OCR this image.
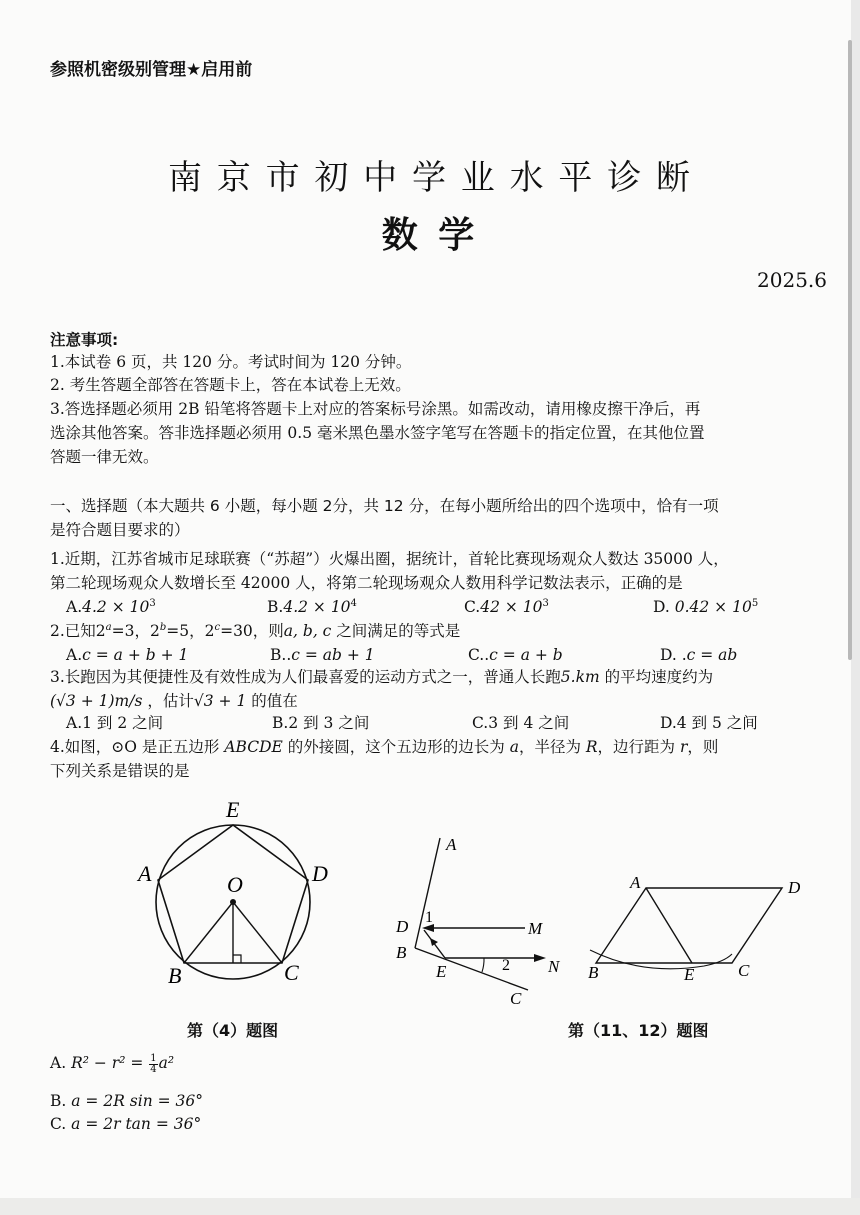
参照机密级别管理★启用前
南 京 市 初 中 学 业 水 平 诊 断
数 学
2025.6
注意事项:
1.本试卷 6 页，共 120 分。考试时间为 120 分钟。
2. 考生答题全部答在答题卡上，答在本试卷上无效。
3.答选择题必须用 2B 铅笔将答题卡上对应的答案标号涂黑。如需改动，请用橡皮擦干净后，再
选涂其他答案。答非选择题必须用 0.5 毫米黑色墨水签字笔写在答题卡的指定位置，在其他位置
答题一律无效。
一、选择题（本大题共 6 小题，每小题 2分，共 12 分，在每小题所给出的四个选项中，恰有一项
是符合题目要求的）
1.近期，江苏省城市足球联赛（“苏超”）火爆出圈，据统计，首轮比赛现场观众人数达 35000 人，
第二轮现场观众人数增长至 42000 人，将第二轮现场观众人数用科学记数法表示，正确的是
$A.4.2 \times 10^3$	$B.4.2 \times 10^4$	$C.42 \times 10^3$	D. $0.42 \times 10^5$
2.已知$2^a=3$，$2^b=5$，$2^c=30$，则a, b, c 之间满足的等式是
A.c = a + b + 1	B..c = ab + 1	C..c = a + b	D. .c = ab
3.长跑因为其便捷性及有效性成为人们最喜爱的运动方式之一，普通人长跑5.km 的平均速度约为
(√3 + 1)m/s ，估计√3 + 1 的值在
A.1 到 2 之间	B.2 到 3 之间	C.3 到 4 之间	D.4 到 5 之间
4.如图，⊙O 是正五边形 ABCDE 的外接圆，这个五边形的边长为 a，半径为 R，边行距为 r，则
下列关系是错误的是
E
A	O	D
B	C
A
D 1
M
B
E	2 N
C
A	D
B	E	C
第（4）题图	第（11、12）题图
A. $R^2 - r^2 = \frac{1}{4} a^2$
B. a = 2R sin = 36°
C. a = 2r tan = 36°
